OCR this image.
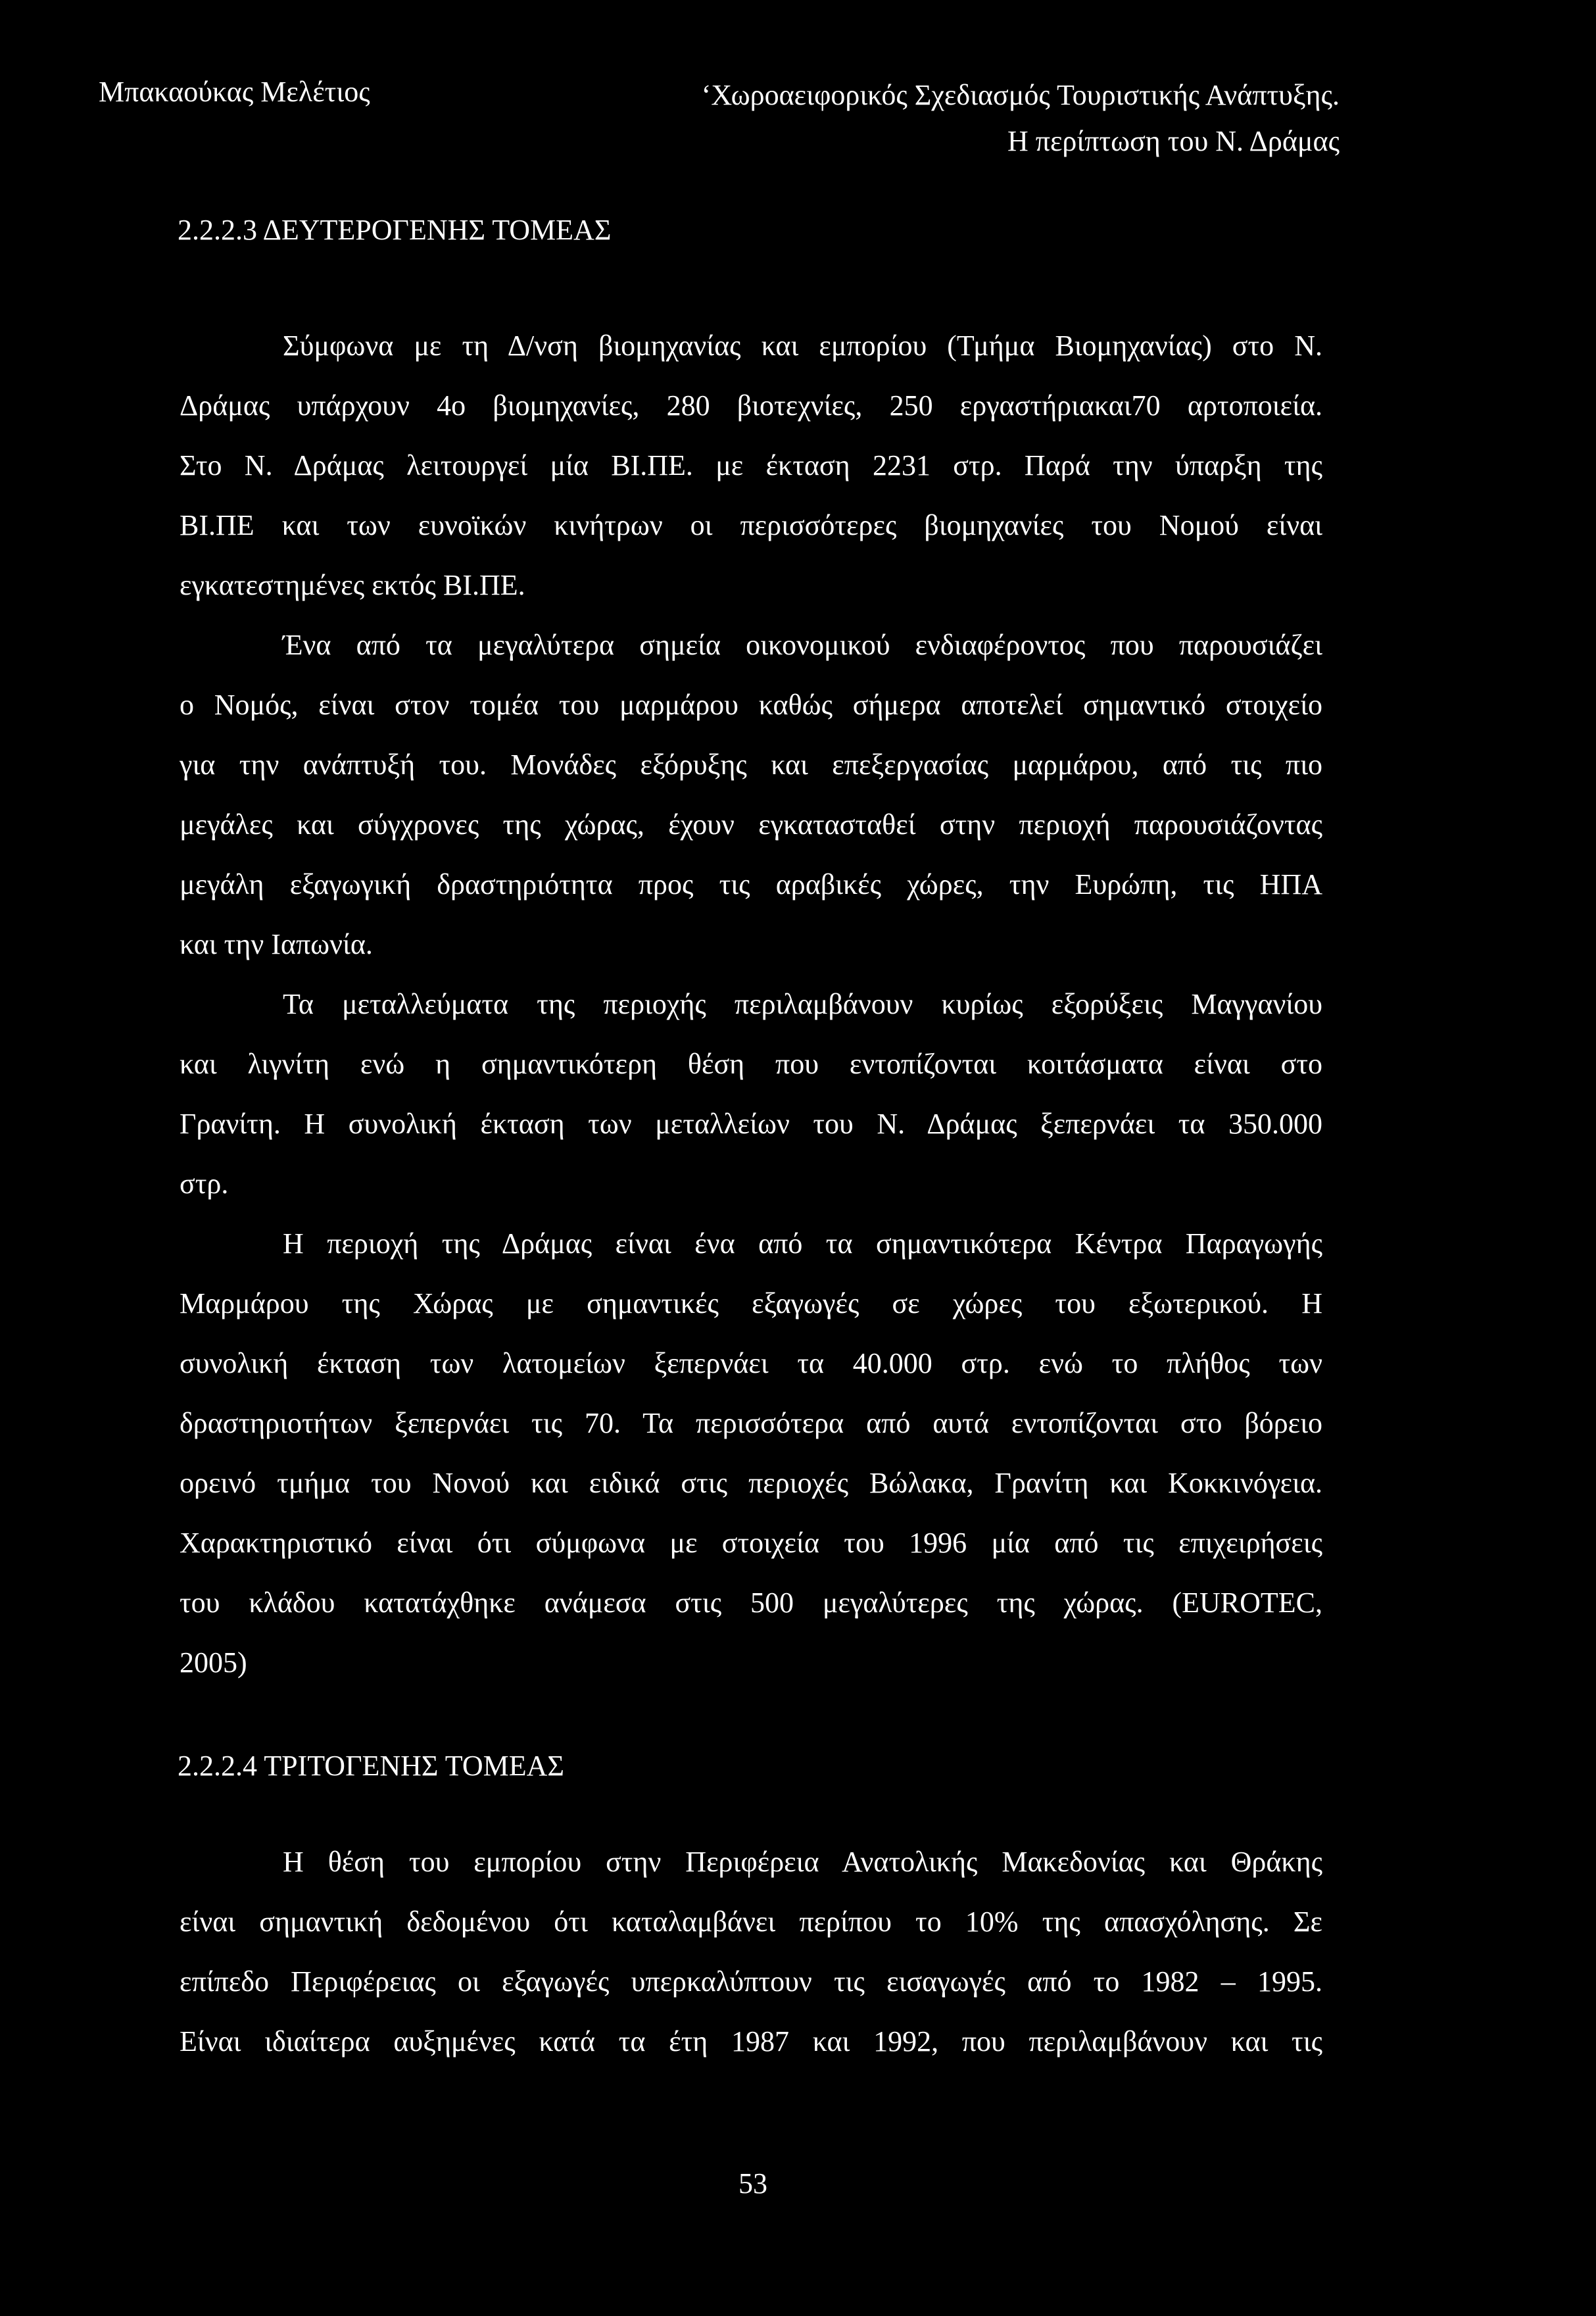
Μπακαούκας Μελέτιος	‘Χωροαειφορικός Σχεδιασμός Τουριστικής Ανάπτυξης.
Η περίπτωση του Ν. Δράμας
2.2.2.3 ΔΕΥΤΕΡΟΓΕΝΗΣ ΤΟΜΕΑΣ
Σύμφωνα με τη Δ/νση βιομηχανίας και εμπορίου (Τμήμα Βιομηχανίας) στο Ν.
Δράμας υπάρχουν 4ο βιομηχανίες, 280 βιοτεχνίες, 250 εργαστήριακαι70 αρτοποιεία.
Στο Ν. Δράμας λειτουργεί μία ΒΙ.ΠΕ. με έκταση 2231 στρ. Παρά την ύπαρξη της
ΒΙ.ΠΕ και των ευνοϊκών κινήτρων οι περισσότερες βιομηχανίες του Νομού είναι
εγκατεστημένες εκτός ΒΙ.ΠΕ.
Ένα από τα μεγαλύτερα σημεία οικονομικού ενδιαφέροντος που παρουσιάζει
ο Νομός, είναι στον τομέα του μαρμάρου καθώς σήμερα αποτελεί σημαντικό στοιχείο
για την ανάπτυξή του. Μονάδες εξόρυξης και επεξεργασίας μαρμάρου, από τις πιο
μεγάλες και σύγχρονες της χώρας, έχουν εγκατασταθεί στην περιοχή παρουσιάζοντας
μεγάλη εξαγωγική δραστηριότητα προς τις αραβικές χώρες, την Ευρώπη, τις ΗΠΑ
και την Ιαπωνία.
Τα μεταλλεύματα της περιοχής περιλαμβάνουν κυρίως εξορύξεις Μαγγανίου
και λιγνίτη ενώ η σημαντικότερη θέση που εντοπίζονται κοιτάσματα είναι στο
Γρανίτη. Η συνολική έκταση των μεταλλείων του Ν. Δράμας ξεπερνάει τα 350.000
στρ.
Η περιοχή της Δράμας είναι ένα από τα σημαντικότερα Κέντρα Παραγωγής
Μαρμάρου της Χώρας με σημαντικές εξαγωγές σε χώρες του εξωτερικού. Η
συνολική έκταση των λατομείων ξεπερνάει τα 40.000 στρ. ενώ το πλήθος των
δραστηριοτήτων ξεπερνάει τις 70. Τα περισσότερα από αυτά εντοπίζονται στο βόρειο
ορεινό τμήμα του Νονού και ειδικά στις περιοχές Βώλακα, Γρανίτη και Κοκκινόγεια.
Χαρακτηριστικό είναι ότι σύμφωνα με στοιχεία του 1996 μία από τις επιχειρήσεις
του κλάδου κατατάχθηκε ανάμεσα στις 500 μεγαλύτερες της χώρας. (EUROTEC,
2005)
2.2.2.4 ΤΡΙΤΟΓΕΝΗΣ ΤΟΜΕΑΣ
Η θέση του εμπορίου στην Περιφέρεια Ανατολικής Μακεδονίας και Θράκης
είναι σημαντική δεδομένου ότι καταλαμβάνει περίπου το 10% της απασχόλησης. Σε
επίπεδο Περιφέρειας οι εξαγωγές υπερκαλύπτουν τις εισαγωγές από το 1982 – 1995.
Είναι ιδιαίτερα αυξημένες κατά τα έτη 1987 και 1992, που περιλαμβάνουν και τις
53
